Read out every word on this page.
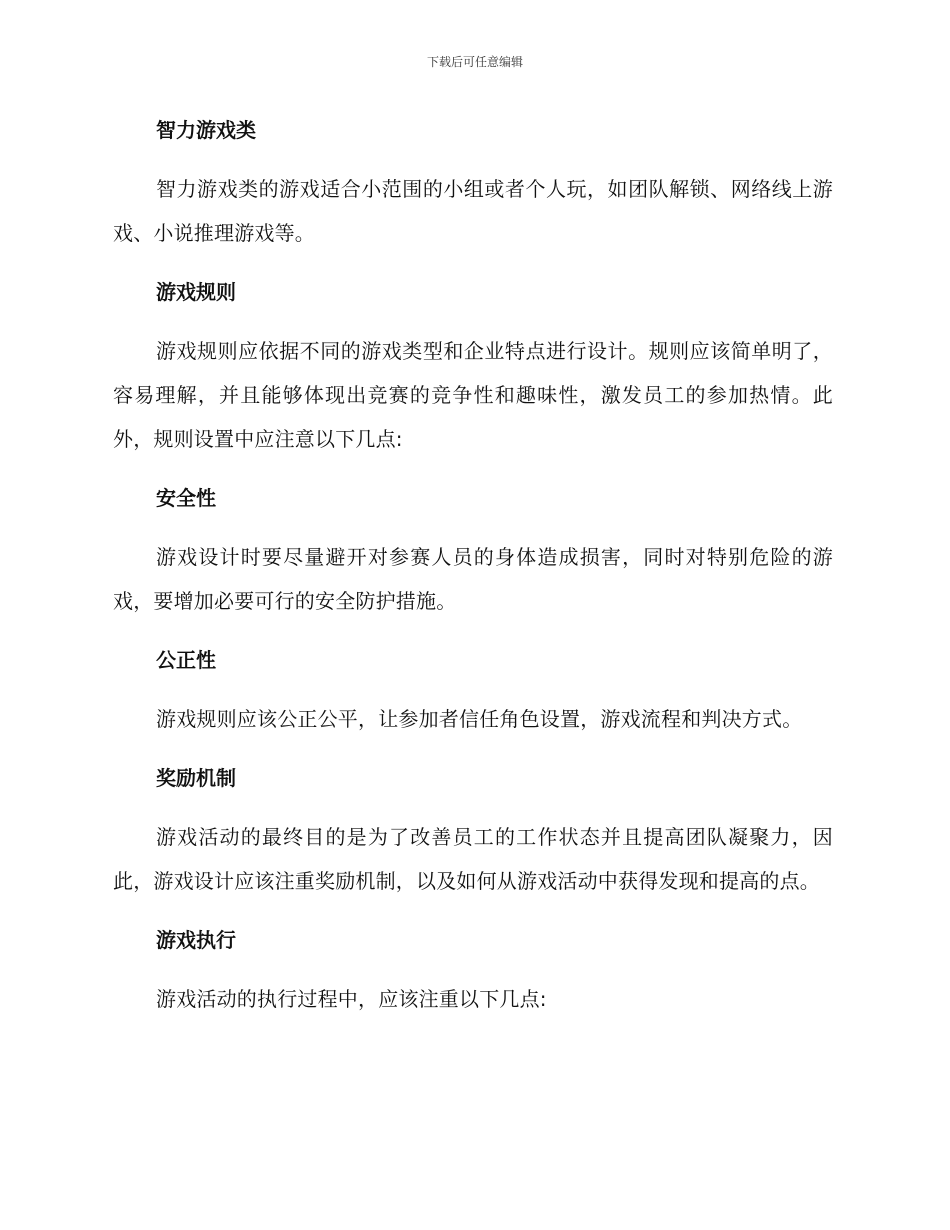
下载后可任意编辑
智力游戏类
智力游戏类的游戏适合小范围的小组或者个人玩，如团队解锁、网络线上游戏、小说推理游戏等。
游戏规则
游戏规则应依据不同的游戏类型和企业特点进行设计。规则应该简单明了，容易理解，并且能够体现出竞赛的竞争性和趣味性，激发员工的参加热情。此外，规则设置中应注意以下几点:
安全性
游戏设计时要尽量避开对参赛人员的身体造成损害，同时对特别危险的游戏，要增加必要可行的安全防护措施。
公正性
游戏规则应该公正公平，让参加者信任角色设置，游戏流程和判决方式。
奖励机制
游戏活动的最终目的是为了改善员工的工作状态并且提高团队凝聚力，因此，游戏设计应该注重奖励机制，以及如何从游戏活动中获得发现和提高的点。
游戏执行
游戏活动的执行过程中，应该注重以下几点:
